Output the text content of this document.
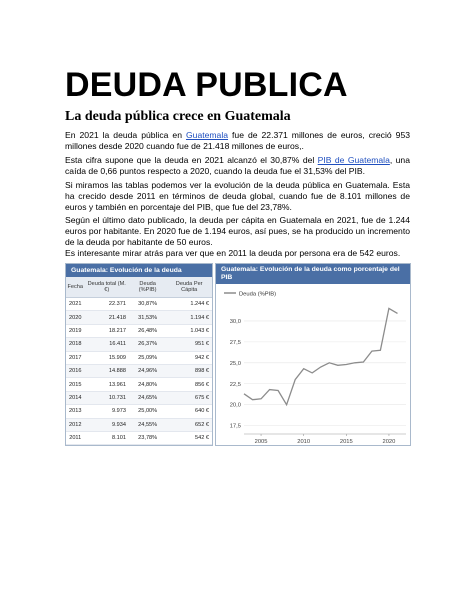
DEUDA PUBLICA
La deuda pública crece en Guatemala

En 2021 la deuda pública en Guatemala fue de 22.371 millones de euros, creció 953 millones desde 2020 cuando fue de 21.418 millones de euros,.

Esta cifra supone que la deuda en 2021 alcanzó el 30,87% del PIB de Guatemala, una caída de 0,66 puntos respecto a 2020, cuando la deuda fue el 31,53% del PIB.

Si miramos las tablas podemos ver la evolución de la deuda pública en Guatemala. Esta ha crecido desde 2011 en términos de deuda global, cuando fue de 8.101 millones de euros y también en porcentaje del PIB, que fue del 23,78%.

Según el último dato publicado, la deuda per cápita en Guatemala en 2021, fue de 1.244 euros por habitante. En 2020 fue de 1.194 euros, así pues, se ha producido un incremento de la deuda por habitante de 50 euros.

Es interesante mirar atrás para ver que en 2011 la deuda por persona era de 542 euros.

Guatemala: Evolución de la deuda
Fecha	Deuda total (M.€)	Deuda (%PIB)	Deuda Per Cápita
2021	22.371	30,87%	1.244 €
2020	21.418	31,53%	1.194 €
2019	18.217	26,48%	1.043 €
2018	16.411	26,37%	951 €
2017	15.909	25,09%	942 €
2016	14.888	24,96%	898 €
2015	13.961	24,80%	856 €
2014	10.731	24,65%	675 €
2013	9.973	25,00%	640 €
2012	9.934	24,55%	652 €
2011	8.101	23,78%	542 €
Guatemala: Evolución de la deuda como porcentaje del PIB
Deuda (%PIB)
17,5
20,0
22,5
25,0
27,5
30,0
2005	2010	2015	2020
